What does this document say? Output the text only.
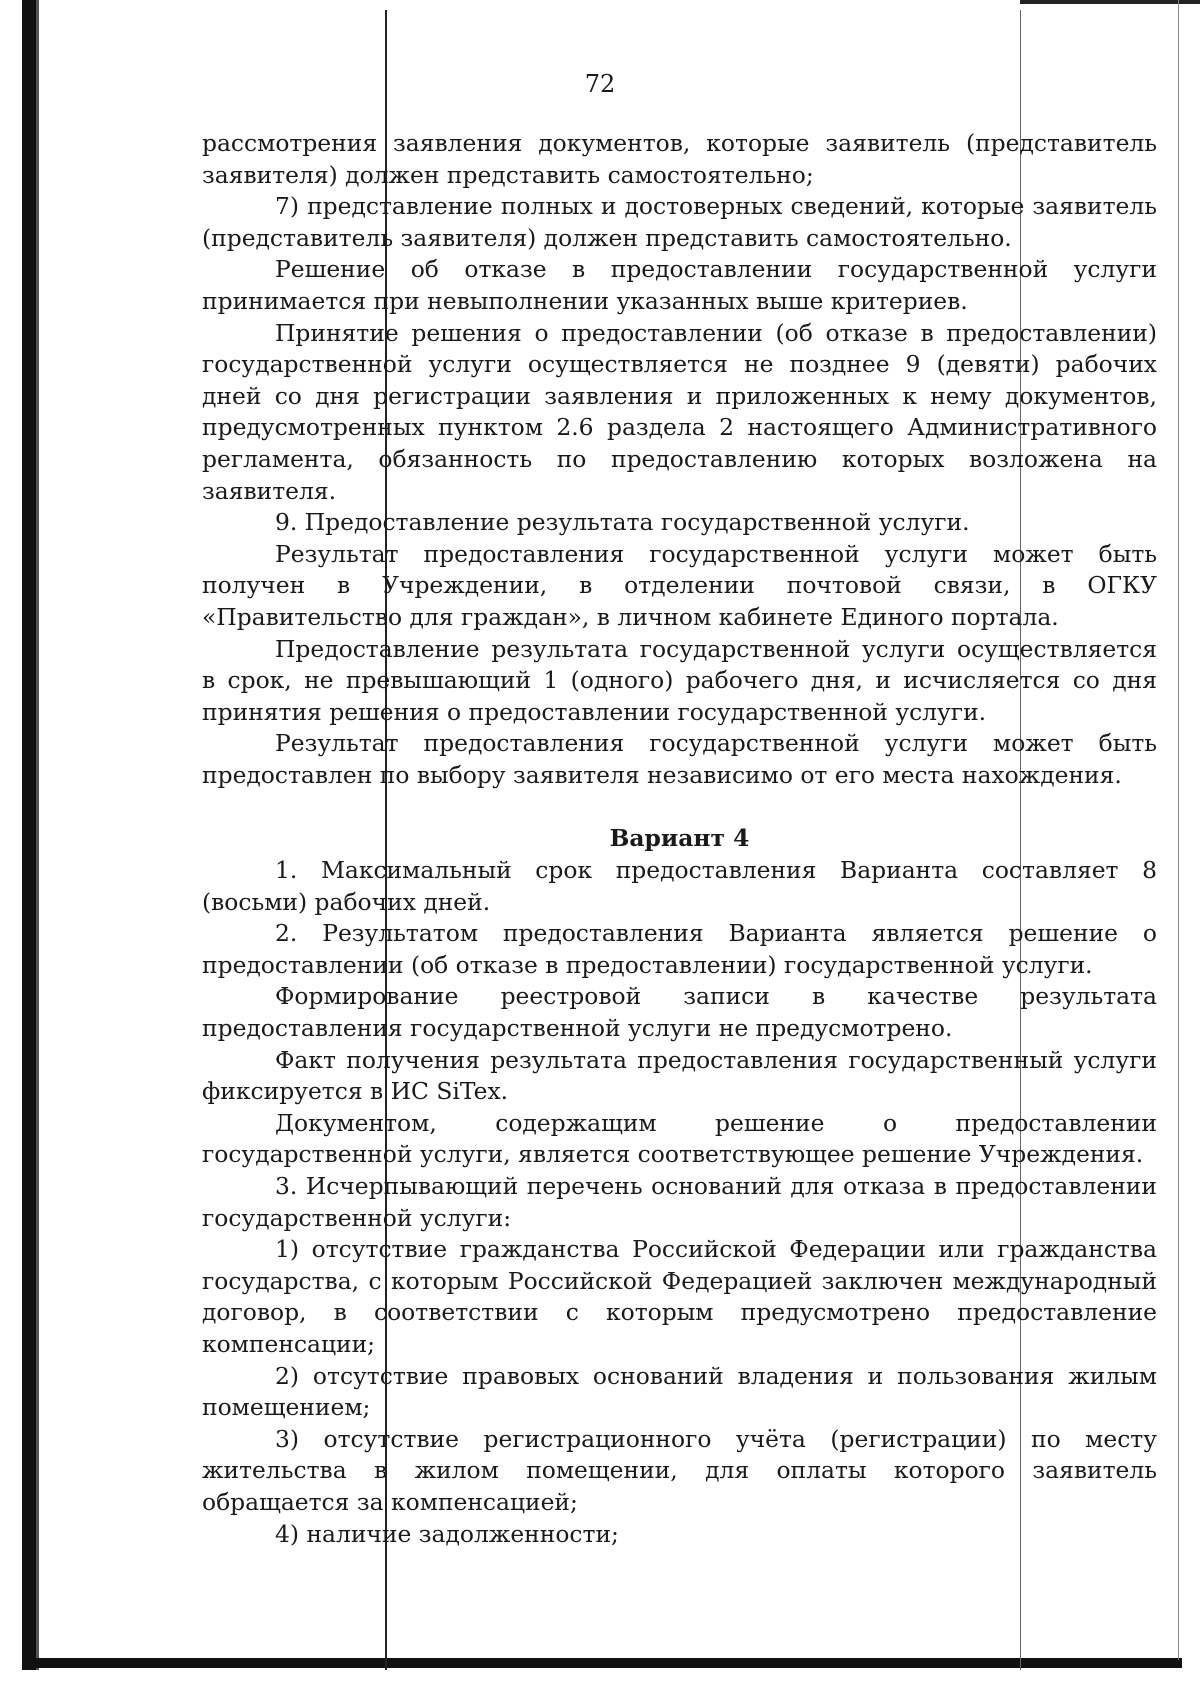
72

рассмотрения заявления документов, которые заявитель (представитель заявителя) должен представить самостоятельно;

7) представление полных и достоверных сведений, которые заявитель (представитель заявителя) должен представить самостоятельно.

Решение об отказе в предоставлении государственной услуги принимается при невыполнении указанных выше критериев.

Принятие решения о предоставлении (об отказе в предоставлении) государственной услуги осуществляется не позднее 9 (девяти) рабочих дней со дня регистрации заявления и приложенных к нему документов, предусмотренных пунктом 2.6 раздела 2 настоящего Административного регламента, обязанность по предоставлению которых возложена на заявителя.

9. Предоставление результата государственной услуги.

Результат предоставления государственной услуги может быть получен в Учреждении, в отделении почтовой связи, в ОГКУ «Правительство для граждан», в личном кабинете Единого портала.

Предоставление результата государственной услуги осуществляется в срок, не превышающий 1 (одного) рабочего дня, и исчисляется со дня принятия решения о предоставлении государственной услуги.

Результат предоставления государственной услуги может быть предоставлен по выбору заявителя независимо от его места нахождения.

Вариант 4

1. Максимальный срок предоставления Варианта составляет 8 (восьми) рабочих дней.

2. Результатом предоставления Варианта является решение о предоставлении (об отказе в предоставлении) государственной услуги.

Формирование реестровой записи в качестве результата предоставления государственной услуги не предусмотрено.

Факт получения результата предоставления государственный услуги фиксируется в ИС SiTex.

Документом, содержащим решение о предоставлении государственной услуги, является соответствующее решение Учреждения.

3. Исчерпывающий перечень оснований для отказа в предоставлении государственной услуги:

1) отсутствие гражданства Российской Федерации или гражданства государства, с которым Российской Федерацией заключен международный договор, в соответствии с которым предусмотрено предоставление компенсации;

2) отсутствие правовых оснований владения и пользования жилым помещением;

3) отсутствие регистрационного учёта (регистрации) по месту жительства в жилом помещении, для оплаты которого заявитель обращается за компенсацией;

4) наличие задолженности;
